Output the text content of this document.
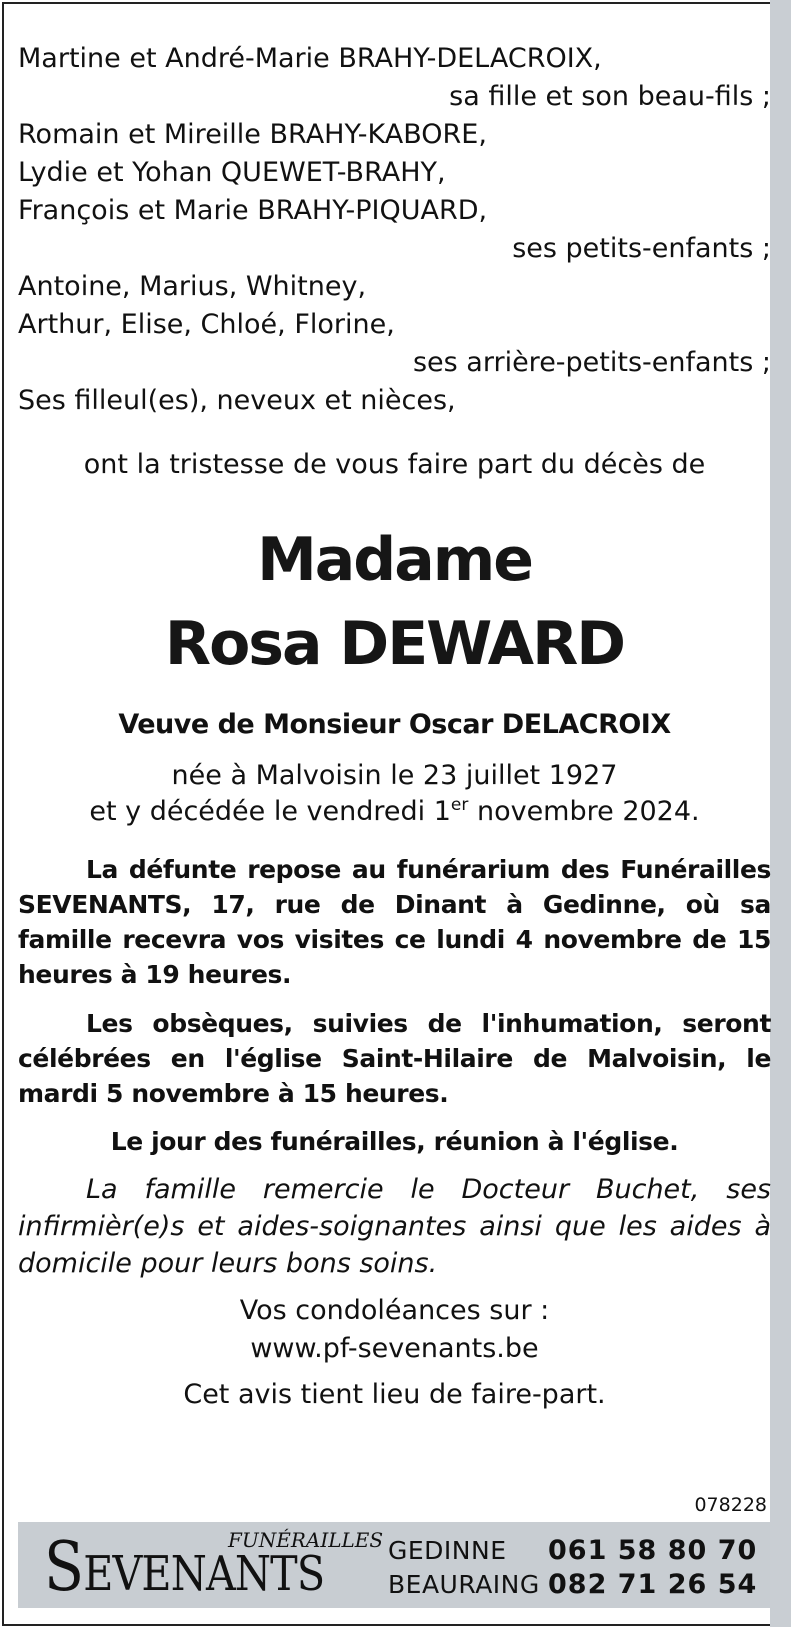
Martine et André-Marie BRAHY-DELACROIX,
sa fille et son beau-fils ;
Romain et Mireille BRAHY-KABORE,
Lydie et Yohan QUEWET-BRAHY,
François et Marie BRAHY-PIQUARD,
ses petits-enfants ;
Antoine, Marius, Whitney,
Arthur, Elise, Chloé, Florine,
ses arrière-petits-enfants ;
Ses filleul(es), neveux et nièces,
ont la tristesse de vous faire part du décès de
Madame
Rosa DEWARD
Veuve de Monsieur Oscar DELACROIX
née à Malvoisin le 23 juillet 1927
et y décédée le vendredi 1er novembre 2024.
La défunte repose au funérarium des Funérailles SEVENANTS, 17, rue de Dinant à Gedinne, où sa famille recevra vos visites ce lundi 4 novembre de 15 heures à 19 heures.
Les obsèques, suivies de l'inhumation, seront célébrées en l'église Saint-Hilaire de Malvoisin, le mardi 5 novembre à 15 heures.
Le jour des funérailles, réunion à l'église.
La famille remercie le Docteur Buchet, ses infirmièr(e)s et aides-soignantes ainsi que les aides à domicile pour leurs bons soins.
Vos condoléances sur :
www.pf-sevenants.be
Cet avis tient lieu de faire-part.
078228
FUNÉRAILLES
SEVENANTS	GEDINNE 061 58 80 70
BEAURAING 082 71 26 54
